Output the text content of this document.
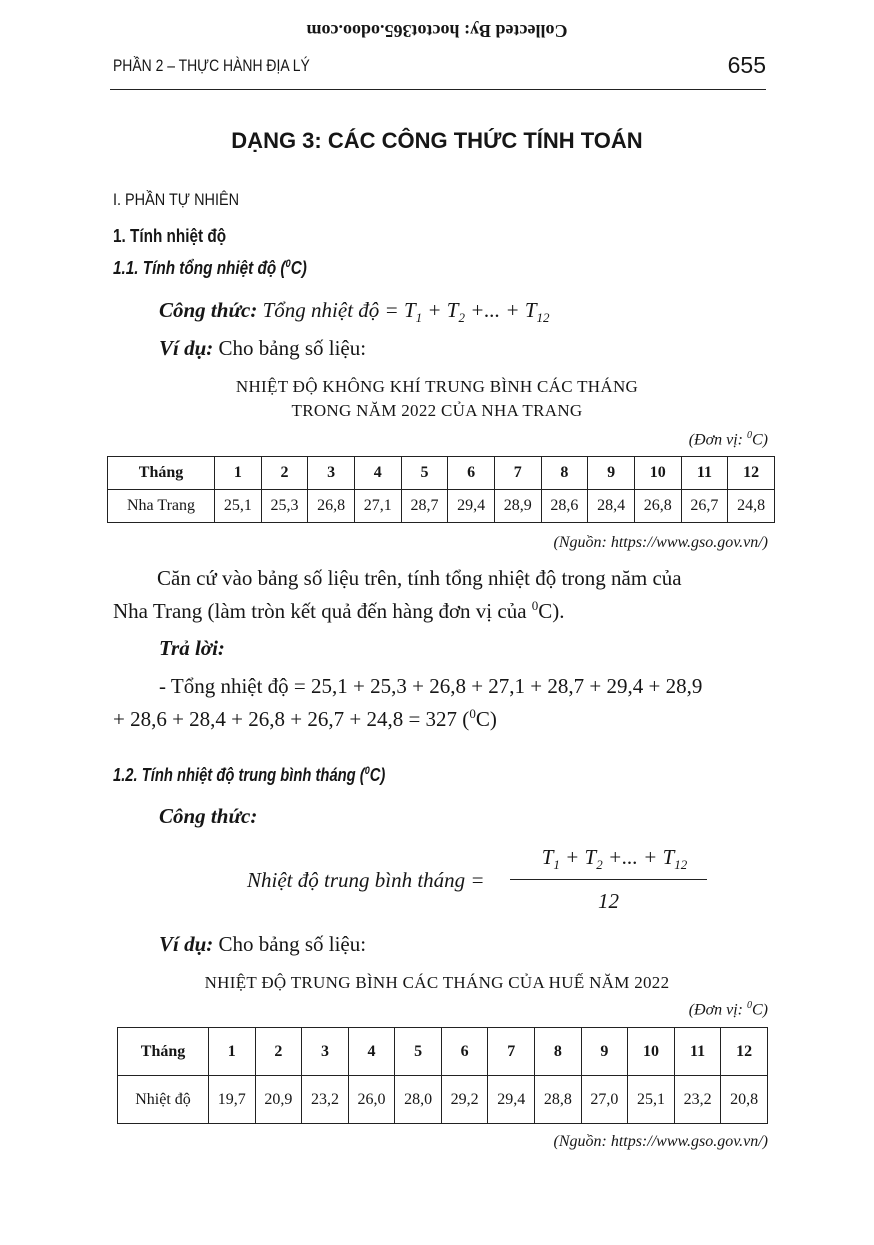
Collected By: hoctot365.odoo.com
PHẦN 2 – THỰC HÀNH ĐỊA LÝ	655
DẠNG 3: CÁC CÔNG THỨC TÍNH TOÁN
I. PHẦN TỰ NHIÊN
1. Tính nhiệt độ
1.1. Tính tổng nhiệt độ ($^0$C)
Công thức: Tổng nhiệt độ = $T_1 + T_2$ +... + $T_{12}$
Ví dụ: Cho bảng số liệu:
NHIỆT ĐỘ KHÔNG KHÍ TRUNG BÌNH CÁC THÁNG
TRONG NĂM 2022 CỦA NHA TRANG
(Đơn vị: $^0$C)
Tháng	1	2	3	4	5	6	7	8	9	10	11	12
Nha Trang	25,1	25,3	26,8	27,1	28,7	29,4	28,9	28,6	28,4	26,8	26,7	24,8
(Nguồn: https://www.gso.gov.vn/)
Căn cứ vào bảng số liệu trên, tính tổng nhiệt độ trong năm của
Nha Trang (làm tròn kết quả đến hàng đơn vị của $^0$C).
Trả lời:
- Tổng nhiệt độ = 25,1 + 25,3 + 26,8 + 27,1 + 28,7 + 29,4 + 28,9
+ 28,6 + 28,4 + 26,8 + 26,7 + 24,8 = 327 ($^0$C)
1.2. Tính nhiệt độ trung bình tháng ($^0$C)
Công thức:
Nhiệt độ trung bình tháng =
$T_1 + T_2$ +... + $T_{12}$
12
Ví dụ: Cho bảng số liệu:
NHIỆT ĐỘ TRUNG BÌNH CÁC THÁNG CỦA HUẾ NĂM 2022
(Đơn vị: $^0$C)
Tháng	1	2	3	4	5	6	7	8	9	10	11	12
Nhiệt độ	19,7	20,9	23,2	26,0	28,0	29,2	29,4	28,8	27,0	25,1	23,2	20,8
(Nguồn: https://www.gso.gov.vn/)
